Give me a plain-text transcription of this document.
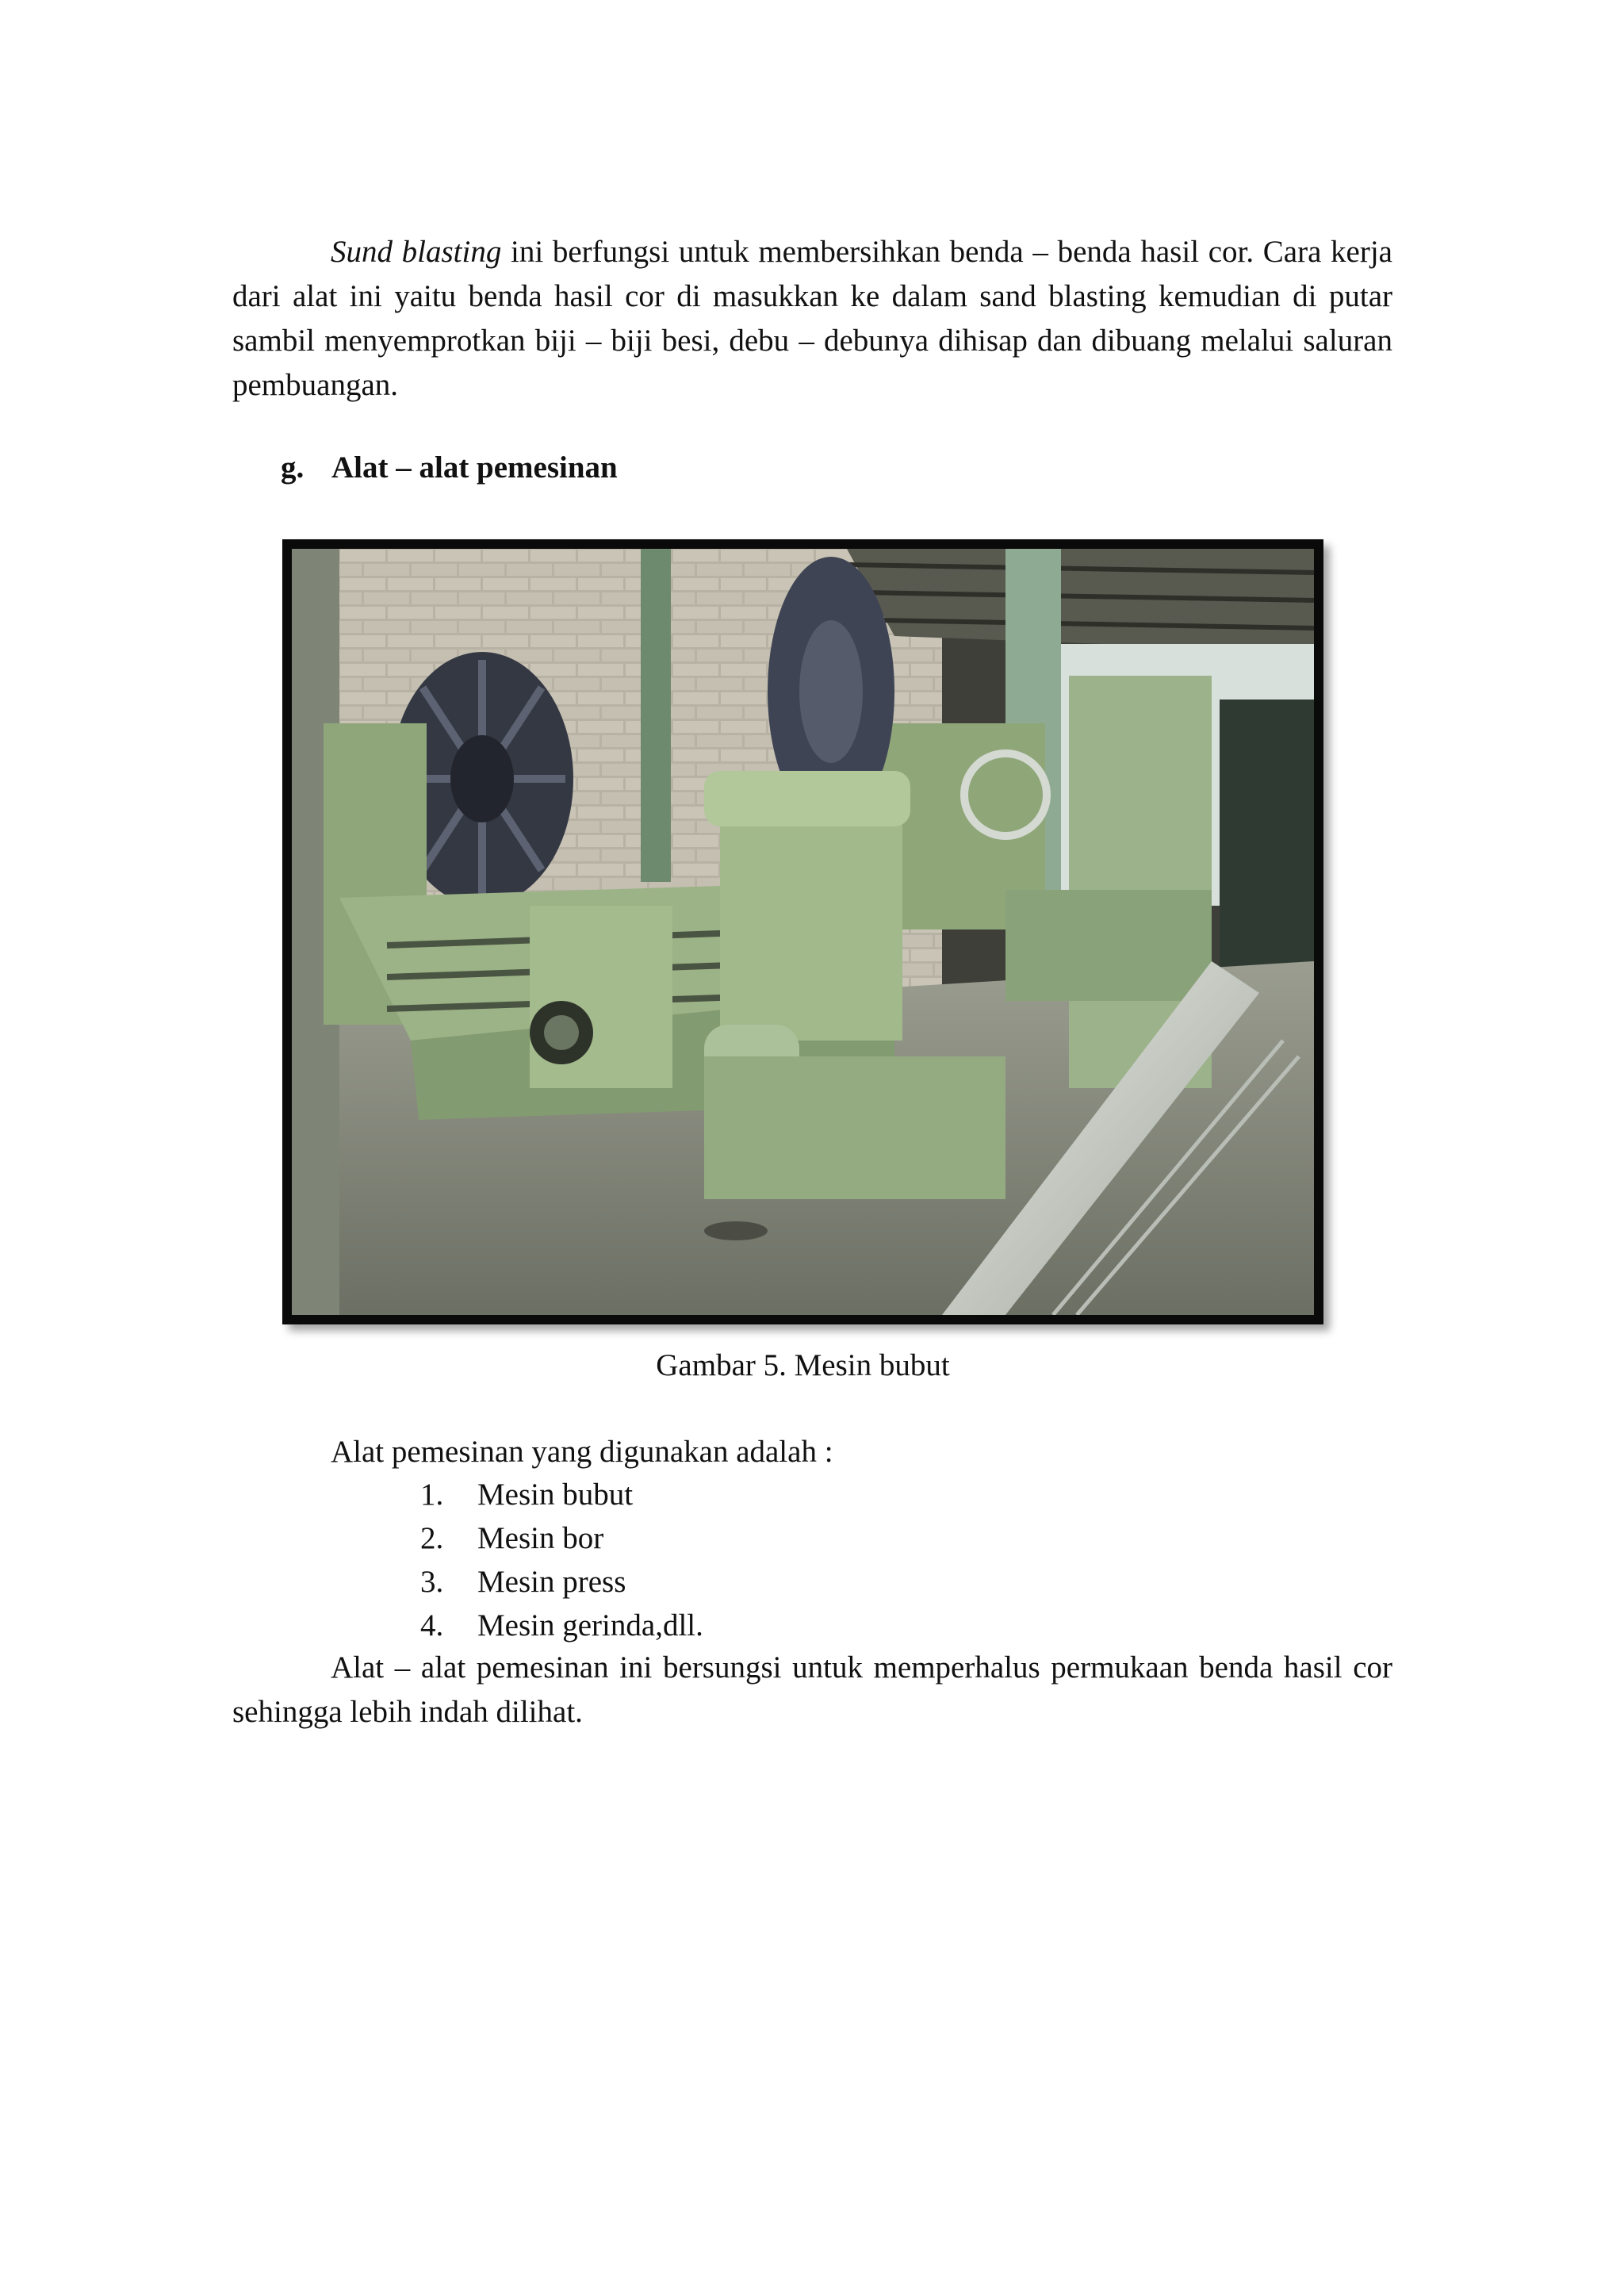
Sund blasting ini berfungsi untuk membersihkan benda – benda hasil cor. Cara kerja dari alat ini yaitu benda hasil cor di masukkan ke dalam sand blasting kemudian di putar sambil menyemprotkan biji – biji besi, debu – debunya dihisap dan dibuang melalui saluran pembuangan.

g. Alat – alat pemesinan

Gambar 5. Mesin bubut

Alat pemesinan yang digunakan adalah :

1.	Mesin bubut
2.	Mesin bor
3.	Mesin press
4.	Mesin gerinda,dll.

Alat – alat pemesinan ini bersungsi untuk memperhalus permukaan benda hasil cor sehingga lebih indah dilihat.
